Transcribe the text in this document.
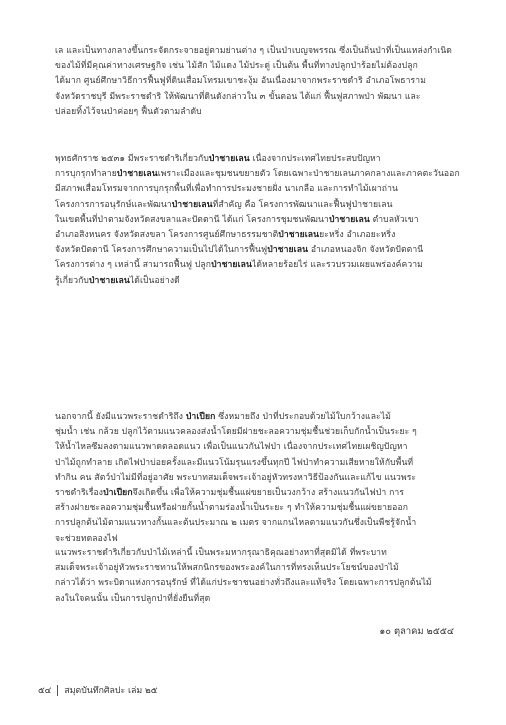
เล และเป็นทางกลางขึ้นกระจัดกระจายอยู่ตามย่านต่าง ๆ เป็นป่าเบญจพรรณ ซึ่งเป็นถิ่นป่าที่เป็นแหล่งกำเนิด
ของไม้ที่มีคุณค่าทางเศรษฐกิจ เช่น ไม้สัก ไม้แดง ไม้ประดู่ เป็นต้น พื้นที่ทางปลูกป่าร้อยไม่ต้องปลูก
ได้มาก ศูนย์ศึกษาวิธีการฟื้นฟูที่ดินเสื่อมโทรมเขาชะงุ้ม อันเนื่องมาจากพระราชดำริ อำเภอโพธาราม
จังหวัดราชบุรี มีพระราชดำริ ให้พัฒนาที่ดินดังกล่าวใน ๓ ขั้นตอน ได้แก่ ฟื้นฟูสภาพป่า พัฒนา และ
ปล่อยทิ้งไว้จนป่าค่อยๆ ฟื้นตัวตามลำดับ
พุทธศักราช ๒๕๓๑ มีพระราชดำริเกี่ยวกับป่าชายเลน เนื่องจากประเทศไทยประสบปัญหา
การบุกรุกทำลายป่าชายเลนเพราะเมืองและชุมชนขยายตัว โดยเฉพาะป่าชายเลนภาคกลางและภาคตะวันออก
มีสภาพเสื่อมโทรมจากการบุกรุกพื้นที่เพื่อทำการประมงชายฝั่ง นาเกลือ และการทำไม้เผาถ่าน
โครงการการอนุรักษ์และพัฒนาป่าชายเลนที่สำคัญ คือ โครงการพัฒนาและฟื้นฟูป่าชายเลน
ในเขตพื้นที่ป่าตามจังหวัดสงขลาและปัตตานี ได้แก่ โครงการชุมชนพัฒนาป่าชายเลน ตำบลหัวเขา
อำเภอสิงหนคร จังหวัดสงขลา โครงการศูนย์ศึกษาธรรมชาติป่าชายเลนยะหริ่ง อำเภอยะหริ่ง
จังหวัดปัตตานี โครงการศึกษาความเป็นไปได้ในการฟื้นฟูป่าชายเลน อำเภอหนองจิก จังหวัดปัตตานี
โครงการต่าง ๆ เหล่านี้ สามารถฟื้นฟู ปลูกป่าชายเลนได้หลายร้อยไร่ และรวบรวมเผยแพร่องค์ความ
รู้เกี่ยวกับป่าชายเลนได้เป็นอย่างดี
นอกจากนี้ ยังมีแนวพระราชดำริถึง ป่าเปียก ซึ่งหมายถึง ป่าที่ประกอบด้วยไม้ใบกว้างและไม้
ชุ่มน้ำ เช่น กล้วย ปลูกไว้ตามแนวคลองส่งน้ำโดยมีฝายชะลอความชุ่มชื้นช่วยเก็บกักน้ำเป็นระยะ ๆ
ให้น้ำไหลซึมลงตามแนวพาดตลอดแนว เพื่อเป็นแนวกันไฟป่า เนื่องจากประเทศไทยเผชิญปัญหา
ป่าไม้ถูกทำลาย เกิดไฟป่าบ่อยครั้งและมีแนวโน้มรุนแรงขึ้นทุกปี ไฟป่าทำความเสียหายให้กับพื้นที่
ทำกิน คน สัตว์ป่าไม่มีที่อยู่อาศัย พระบาทสมเด็จพระเจ้าอยู่หัวทรงหาวิธีป้องกันและแก้ไข แนวพระ
ราชดำริเรื่องป่าเปียกจึงเกิดขึ้น เพื่อให้ความชุ่มชื้นแผ่ขยายเป็นวงกว้าง สร้างแนวกันไฟป่า การ
สร้างฝายชะลอความชุ่มชื้นหรือฝายกั้นน้ำตามร่องน้ำเป็นระยะ ๆ ทำให้ความชุ่มชื้นแผ่ขยายออก
การปลูกต้นไม้ตามแนวทางกั้นและต้นประมาณ ๒ เมตร จากแกนไหลตามแนวกันชึ่งเป็นพืชรู้จักน้ำ
จะช่วยทดลองไฟ
แนวพระราชดำริเกี่ยวกับป่าไม้เหล่านี้ เป็นพระมหากรุณาธิคุณอย่างหาที่สุดมิได้ ที่พระบาท
สมเด็จพระเจ้าอยู่หัวพระราชทานให้พสกนิกรของพระองค์ในการที่ทรงเห็นประโยชน์ของป่าไม้
กล่าวได้ว่า พระบิดาแห่งการอนุรักษ์ ที่ได้แก่ประชาชนอย่างทั่วถึงและแท้จริง โดยเฉพาะการปลูกต้นไม้
ลงในใจคนนั้น เป็นการปลูกป่าที่ยั่งยืนที่สุด
๑๐ ตุลาคม ๒๕๕๔
๕๔ สมุดบันทึกศิลปะ เล่ม ๒๕
